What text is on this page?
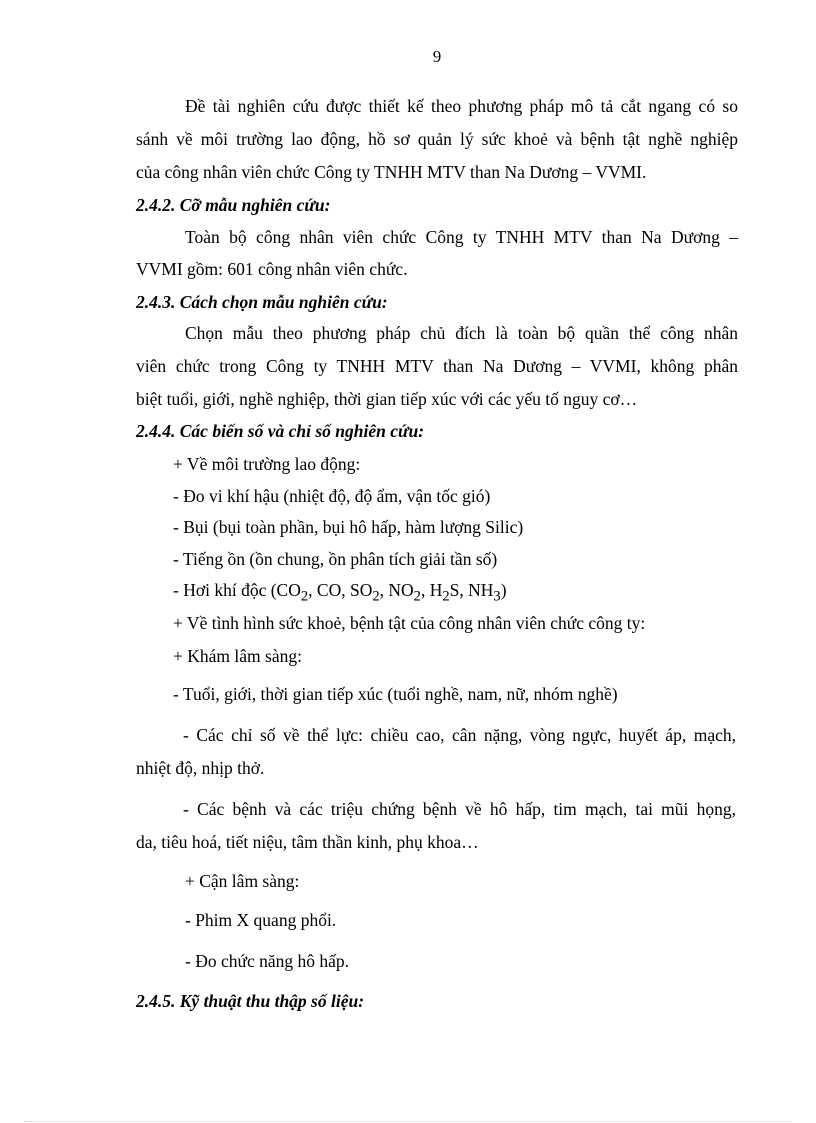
9
Đề tài nghiên cứu được thiết kế theo phương pháp mô tả cắt ngang có so
sánh về môi trường lao động, hồ sơ quản lý sức khoẻ và bệnh tật nghề nghiệp
của công nhân viên chức Công ty TNHH MTV than Na Dương – VVMI.
2.4.2. Cỡ mẫu nghiên cứu:
Toàn bộ công nhân viên chức Công ty TNHH MTV than Na Dương –
VVMI gồm: 601 công nhân viên chức.
2.4.3. Cách chọn mẫu nghiên cứu:
Chọn mẫu theo phương pháp chủ đích là toàn bộ quần thể công nhân
viên chức trong Công ty TNHH MTV than Na Dương – VVMI, không phân
biệt tuổi, giới, nghề nghiệp, thời gian tiếp xúc với các yếu tố nguy cơ…
2.4.4. Các biến số và chỉ số nghiên cứu:
+ Về môi trường lao động:
- Đo vi khí hậu (nhiệt độ, độ ẩm, vận tốc gió)
- Bụi (bụi toàn phần, bụi hô hấp, hàm lượng Silic)
- Tiếng ồn (ồn chung, ồn phân tích giải tần số)
- Hơi khí độc ($CO_2$, CO, $SO_2$, $NO_2$, $H_2S$, $NH_3$)
+ Về tình hình sức khoẻ, bệnh tật của công nhân viên chức công ty:
+ Khám lâm sàng:
- Tuổi, giới, thời gian tiếp xúc (tuổi nghề, nam, nữ, nhóm nghề)
- Các chỉ số về thể lực: chiều cao, cân nặng, vòng ngực, huyết áp, mạch,
nhiệt độ, nhịp thở.
- Các bệnh và các triệu chứng bệnh về hô hấp, tim mạch, tai mũi họng,
da, tiêu hoá, tiết niệu, tâm thần kinh, phụ khoa…
+ Cận lâm sàng:
- Phim X quang phổi.
- Đo chức năng hô hấp.
2.4.5. Kỹ thuật thu thập số liệu:
